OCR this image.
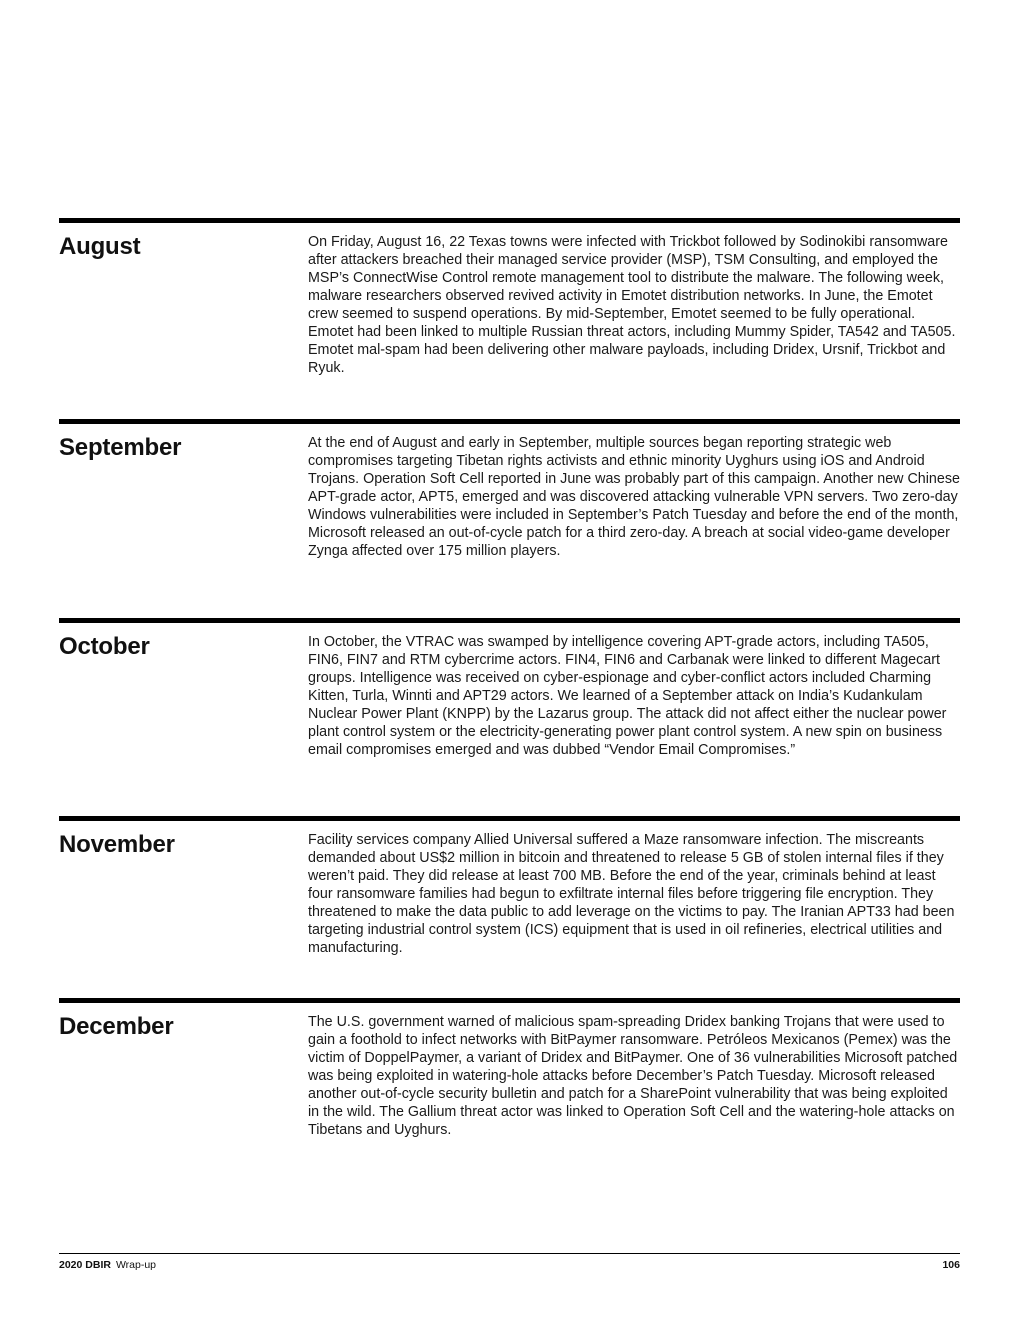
August	On Friday, August 16, 22 Texas towns were infected with Trickbot followed by Sodinokibi ransomware after attackers breached their managed service provider (MSP), TSM Consulting, and employed the MSP’s ConnectWise Control remote management tool to distribute the malware. The following week, malware researchers observed revived activity in Emotet distribution networks. In June, the Emotet crew seemed to suspend operations. By mid-September, Emotet seemed to be fully operational. Emotet had been linked to multiple Russian threat actors, including Mummy Spider, TA542 and TA505. Emotet mal-spam had been delivering other malware payloads, including Dridex, Ursnif, Trickbot and Ryuk.

September	At the end of August and early in September, multiple sources began reporting strategic web compromises targeting Tibetan rights activists and ethnic minority Uyghurs using iOS and Android Trojans. Operation Soft Cell reported in June was probably part of this campaign. Another new Chinese APT-grade actor, APT5, emerged and was discovered attacking vulnerable VPN servers. Two zero-day Windows vulnerabilities were included in September’s Patch Tuesday and before the end of the month, Microsoft released an out-of-cycle patch for a third zero-day. A breach at social video-game developer Zynga affected over 175 million players.

October	In October, the VTRAC was swamped by intelligence covering APT-grade actors, including TA505, FIN6, FIN7 and RTM cybercrime actors. FIN4, FIN6 and Carbanak were linked to different Magecart groups. Intelligence was received on cyber-espionage and cyber-conflict actors included Charming Kitten, Turla, Winnti and APT29 actors. We learned of a September attack on India’s Kudankulam Nuclear Power Plant (KNPP) by the Lazarus group. The attack did not affect either the nuclear power plant control system or the electricity-generating power plant control system. A new spin on business email compromises emerged and was dubbed “Vendor Email Compromises.”

November	Facility services company Allied Universal suffered a Maze ransomware infection. The miscreants demanded about US$2 million in bitcoin and threatened to release 5 GB of stolen internal files if they weren’t paid. They did release at least 700 MB. Before the end of the year, criminals behind at least four ransomware families had begun to exfiltrate internal files before triggering file encryption. They threatened to make the data public to add leverage on the victims to pay. The Iranian APT33 had been targeting industrial control system (ICS) equipment that is used in oil refineries, electrical utilities and manufacturing.

December	The U.S. government warned of malicious spam-spreading Dridex banking Trojans that were used to gain a foothold to infect networks with BitPaymer ransomware. Petróleos Mexicanos (Pemex) was the victim of DoppelPaymer, a variant of Dridex and BitPaymer. One of 36 vulnerabilities Microsoft patched was being exploited in watering-hole attacks before December’s Patch Tuesday. Microsoft released another out-of-cycle security bulletin and patch for a SharePoint vulnerability that was being exploited in the wild. The Gallium threat actor was linked to Operation Soft Cell and the watering-hole attacks on Tibetans and Uyghurs.

2020 DBIR Wrap-up	106
